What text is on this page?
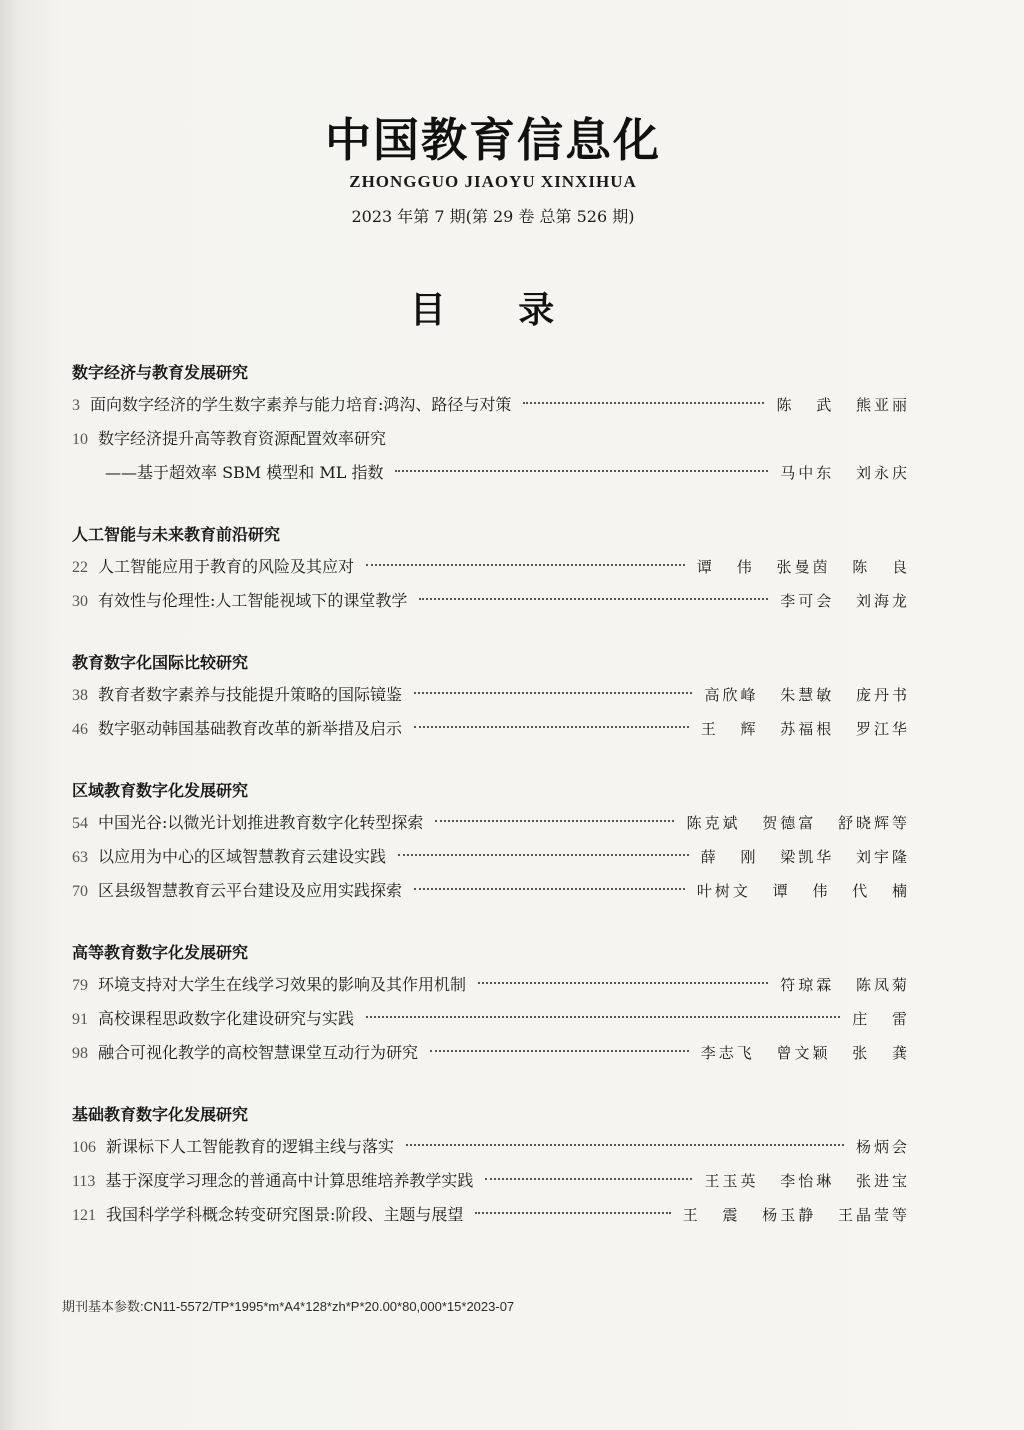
中国教育信息化
ZHONGGUO JIAOYU XINXIHUA
2023 年第 7 期(第 29 卷 总第 526 期)
目 录
数字经济与教育发展研究
3 面向数字经济的学生数字素养与能力培育:鸿沟、路径与对策	陈 武 熊亚丽
10 数字经济提升高等教育资源配置效率研究
——基于超效率 SBM 模型和 ML 指数	马中东 刘永庆
人工智能与未来教育前沿研究
22 人工智能应用于教育的风险及其应对	谭 伟 张曼茵 陈 良
30 有效性与伦理性:人工智能视域下的课堂教学	李可会 刘海龙
教育数字化国际比较研究
38 教育者数字素养与技能提升策略的国际镜鉴	高欣峰 朱慧敏 庞丹书
46 数字驱动韩国基础教育改革的新举措及启示	王 辉 苏福根 罗江华
区域教育数字化发展研究
54 中国光谷:以微光计划推进教育数字化转型探索	陈克斌 贺德富 舒晓辉等
63 以应用为中心的区域智慧教育云建设实践	薛 刚 梁凯华 刘宇隆
70 区县级智慧教育云平台建设及应用实践探索	叶树文 谭 伟 代 楠
高等教育数字化发展研究
79 环境支持对大学生在线学习效果的影响及其作用机制	符琼霖 陈凤菊
91 高校课程思政数字化建设研究与实践	庄 雷
98 融合可视化教学的高校智慧课堂互动行为研究	李志飞 曾文颖 张 龚
基础教育数字化发展研究
106 新课标下人工智能教育的逻辑主线与落实	杨炳会
113 基于深度学习理念的普通高中计算思维培养教学实践	王玉英 李怡琳 张进宝
121 我国科学学科概念转变研究图景:阶段、主题与展望	王 震 杨玉静 王晶莹等
期刊基本参数:CN11-5572/TP*1995*m*A4*128*zh*P*20.00*80,000*15*2023-07
